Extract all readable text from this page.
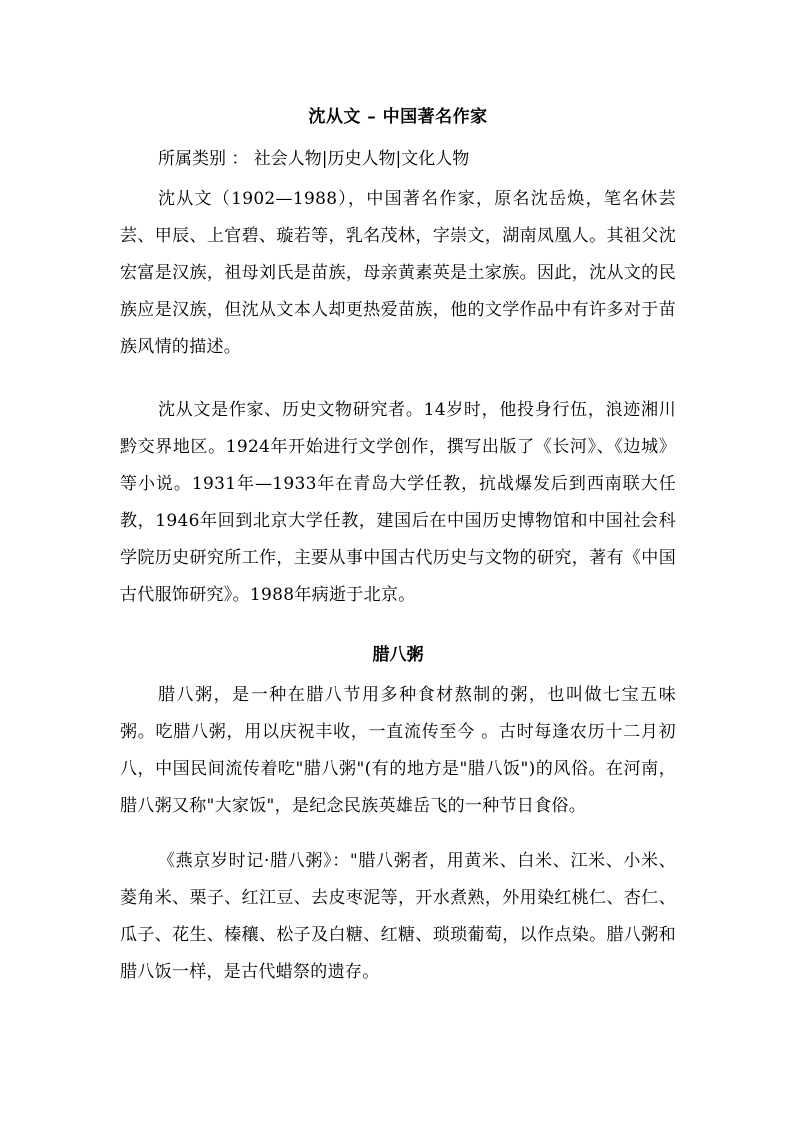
沈从文 – 中国著名作家
所属类别 ： 社会人物|历史人物|文化人物
沈从文（1902—1988），中国著名作家，原名沈岳焕，笔名休芸芸、甲辰、上官碧、璇若等，乳名茂林，字崇文，湖南凤凰人。其祖父沈宏富是汉族，祖母刘氏是苗族，母亲黄素英是土家族。因此，沈从文的民族应是汉族，但沈从文本人却更热爱苗族，他的文学作品中有许多对于苗族风情的描述。
沈从文是作家、历史文物研究者。14岁时，他投身行伍，浪迹湘川黔交界地区。1924年开始进行文学创作，撰写出版了《长河》、《边城》等小说。1931年—1933年在青岛大学任教，抗战爆发后到西南联大任教，1946年回到北京大学任教，建国后在中国历史博物馆和中国社会科学院历史研究所工作，主要从事中国古代历史与文物的研究，著有《中国古代服饰研究》。1988年病逝于北京。
腊八粥
腊八粥，是一种在腊八节用多种食材熬制的粥，也叫做七宝五味粥。吃腊八粥，用以庆祝丰收，一直流传至今 。古时每逢农历十二月初八，中国民间流传着吃"腊八粥"(有的地方是"腊八饭")的风俗。在河南，腊八粥又称"大家饭"，是纪念民族英雄岳飞的一种节日食俗。
《燕京岁时记·腊八粥》："腊八粥者，用黄米、白米、江米、小米、菱角米、栗子、红江豆、去皮枣泥等，开水煮熟，外用染红桃仁、杏仁、瓜子、花生、榛穰、松子及白糖、红糖、琐琐葡萄，以作点染。腊八粥和腊八饭一样，是古代蜡祭的遗存。
